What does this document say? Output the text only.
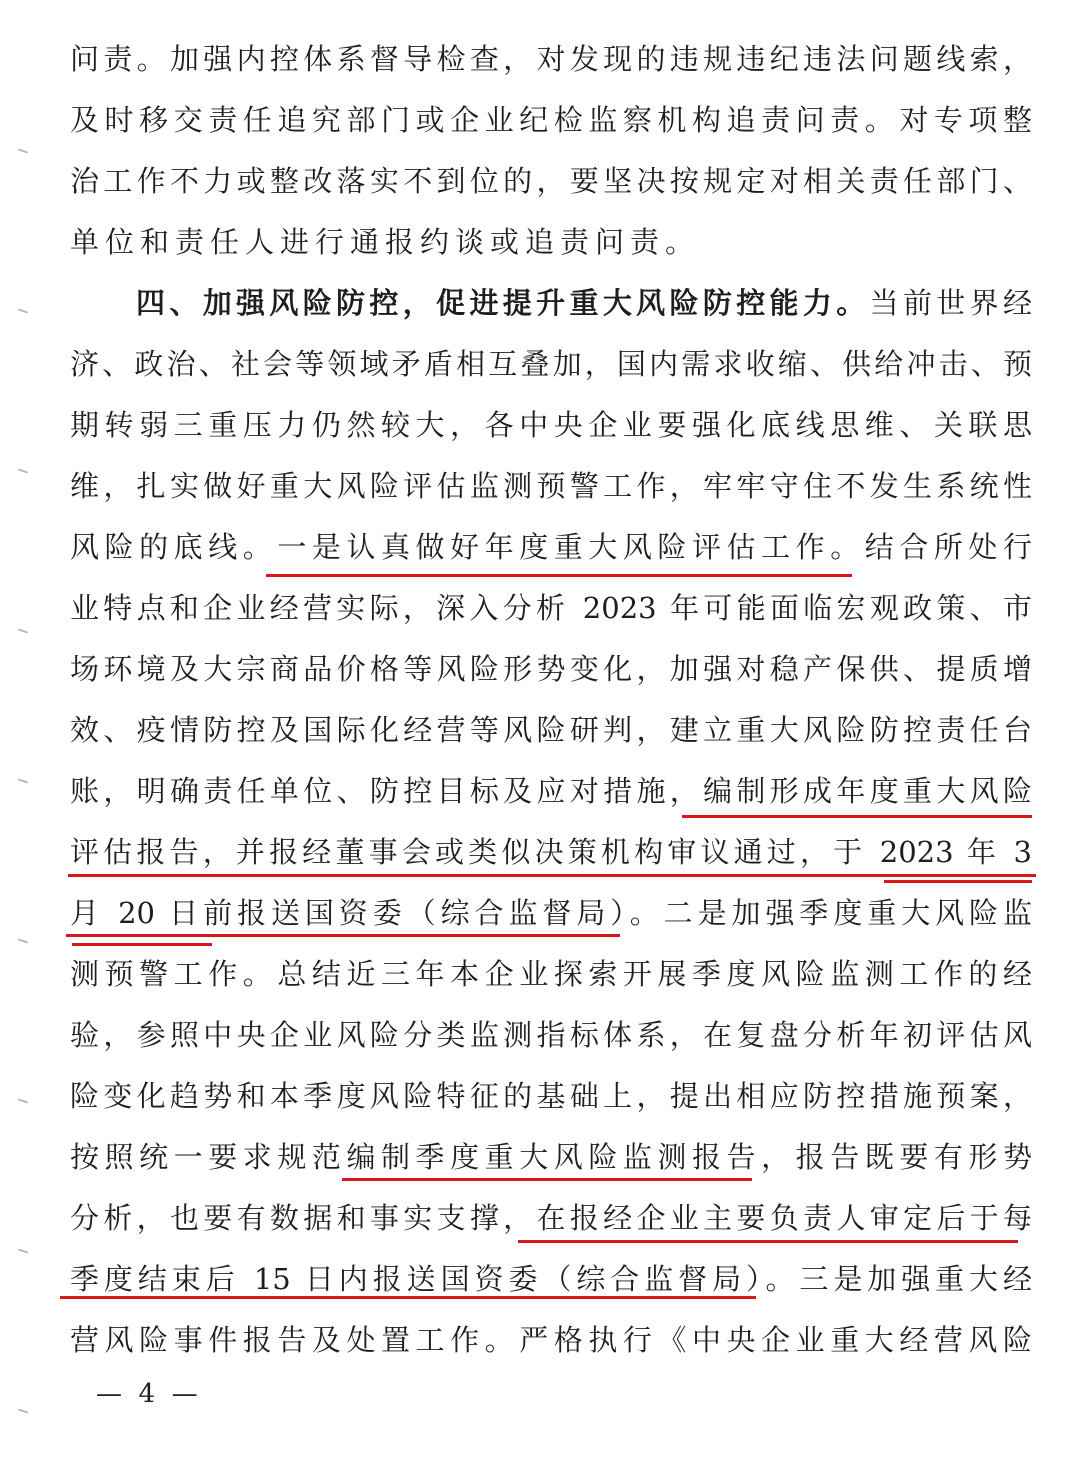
问责。加强内控体系督导检查，对发现的违规违纪违法问题线索，
及时移交责任追究部门或企业纪检监察机构追责问责。对专项整
治工作不力或整改落实不到位的，要坚决按规定对相关责任部门、
单位和责任人进行通报约谈或追责问责。
四、加强风险防控，促进提升重大风险防控能力。当前世界经
济、政治、社会等领域矛盾相互叠加，国内需求收缩、供给冲击、预
期转弱三重压力仍然较大，各中央企业要强化底线思维、关联思
维，扎实做好重大风险评估监测预警工作，牢牢守住不发生系统性
风险的底线。一是认真做好年度重大风险评估工作。结合所处行
业特点和企业经营实际，深入分析 2023 年可能面临宏观政策、市
场环境及大宗商品价格等风险形势变化，加强对稳产保供、提质增
效、疫情防控及国际化经营等风险研判，建立重大风险防控责任台
账，明确责任单位、防控目标及应对措施，编制形成年度重大风险
评估报告，并报经董事会或类似决策机构审议通过，于 2023 年 3
月 20 日前报送国资委（综合监督局）。二是加强季度重大风险监
测预警工作。总结近三年本企业探索开展季度风险监测工作的经
验，参照中央企业风险分类监测指标体系，在复盘分析年初评估风
险变化趋势和本季度风险特征的基础上，提出相应防控措施预案，
按照统一要求规范编制季度重大风险监测报告，报告既要有形势
分析，也要有数据和事实支撑，在报经企业主要负责人审定后于每
季度结束后 15 日内报送国资委（综合监督局）。三是加强重大经
营风险事件报告及处置工作。严格执行《中央企业重大经营风险
—  4  —
